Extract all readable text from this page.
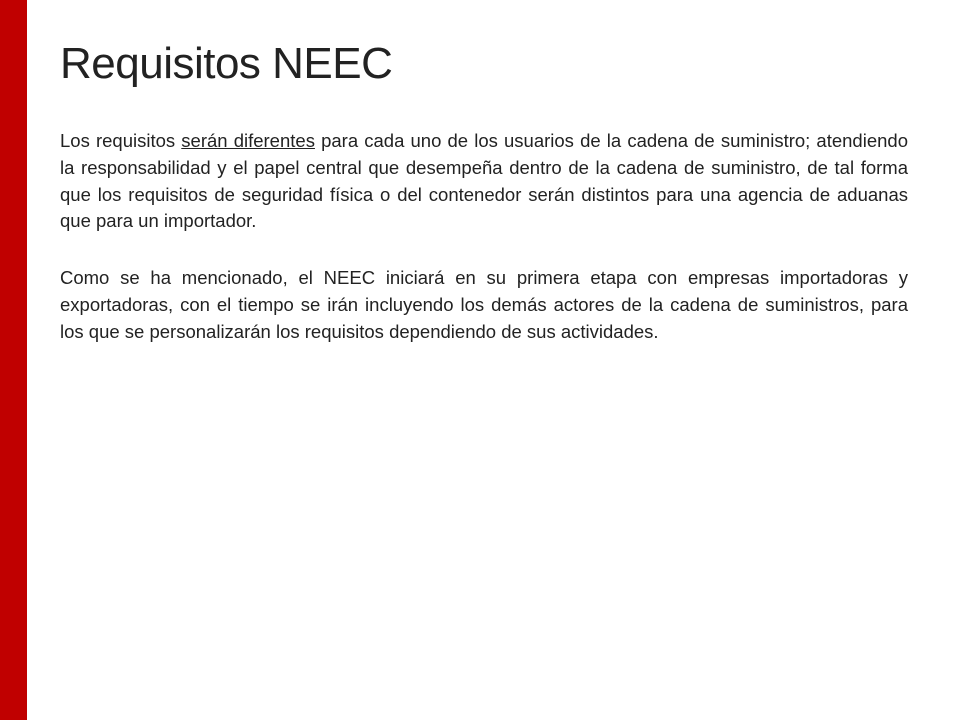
Requisitos NEEC

Los requisitos serán diferentes para cada uno de los usuarios de la cadena de suministro; atendiendo la responsabilidad y el papel central que desempeña dentro de la cadena de suministro, de tal forma que los requisitos de seguridad física o del contenedor serán distintos para una agencia de aduanas que para un importador.

Como se ha mencionado, el NEEC iniciará en su primera etapa con empresas importadoras y exportadoras, con el tiempo se irán incluyendo los demás actores de la cadena de suministros, para los que se personalizarán los requisitos dependiendo de sus actividades.
